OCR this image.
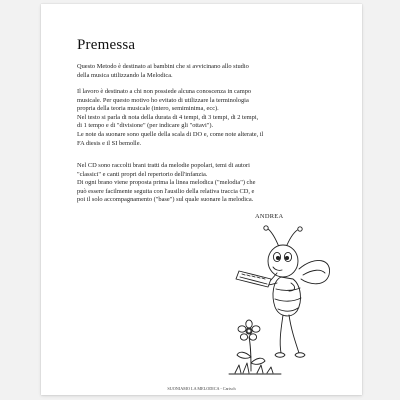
Premessa
Questo Metodo è destinato ai bambini che si avvicinano allo studio
della musica utilizzando la Melodica.
Il lavoro è destinato a chi non possiede alcuna conoscenza in campo
musicale. Per questo motivo ho evitato di utilizzare la terminologia
propria della teoria musicale (intero, semiminima, ecc).
Nel testo si parla di nota della durata di 4 tempi, di 3 tempi, di 2 tempi,
di 1 tempo e di "divisione" (per indicare gli "ottavi").
Le note da suonare sono quelle della scala di DO e, come note alterate, il
FA diesis e il SI bemolle.
Nel CD sono raccolti brani tratti da melodie popolari, temi di autori
"classici" e canti propri del repertorio dell'infanzia.
Di ogni brano viene proposta prima la linea melodica ("melodia") che
può essere facilmente seguita con l'ausilio della relativa traccia CD, e
poi il solo accompagnamento ("base") sul quale suonare la melodica.
ANDREA
SUONIAMO LA MELODICA - Carisch
